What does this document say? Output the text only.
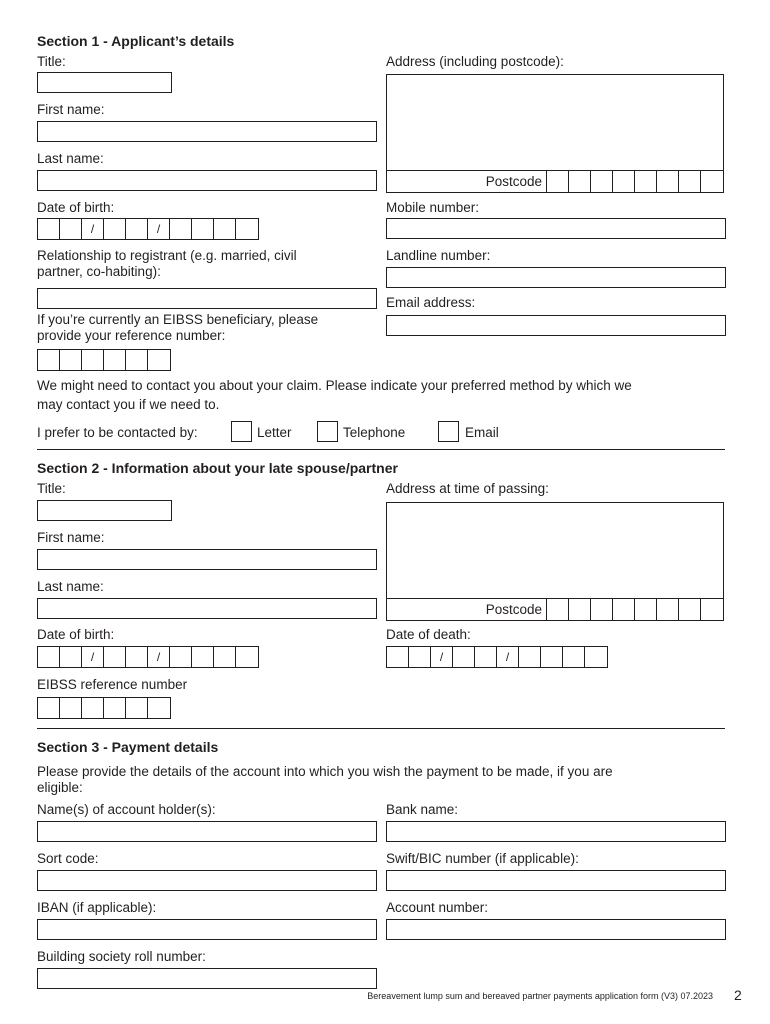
Section 1 - Applicant’s details
Title:
First name:
Last name:
Date of birth:
/	/
Relationship to registrant (e.g. married, civil
partner, co-habiting):
If you’re currently an EIBSS beneficiary, please
provide your reference number:
Address (including postcode):
Postcode
Mobile number:
Landline number:
Email address:
We might need to contact you about your claim. Please indicate your preferred method by which we
may contact you if we need to.
I prefer to be contacted by:	Letter	Telephone	Email
Section 2 - Information about your late spouse/partner
Title:
First name:
Last name:
Date of birth:
/	/
EIBSS reference number
Address at time of passing:
Postcode
Date of death:
/	/
Section 3 - Payment details
Please provide the details of the account into which you wish the payment to be made, if you are
eligible:
Name(s) of account holder(s):	Bank name:
Sort code:	Swift/BIC number (if applicable):
IBAN (if applicable):	Account number:
Building society roll number:
Bereavement lump sum and bereaved partner payments application form (V3) 07.2023 2
